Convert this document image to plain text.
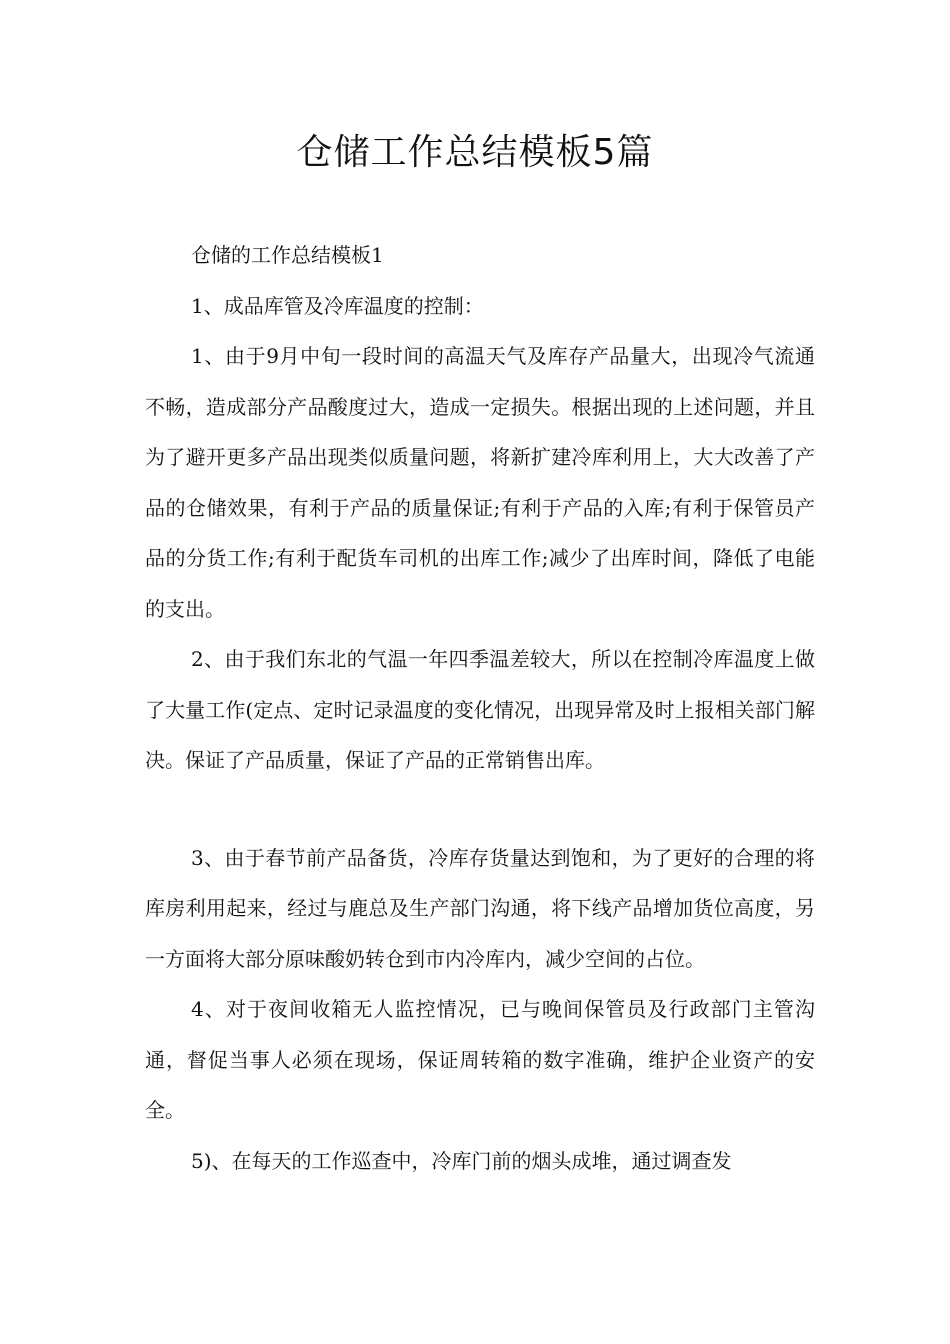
仓储工作总结模板5篇

仓储的工作总结模板1

1、成品库管及冷库温度的控制：

1、由于9月中旬一段时间的高温天气及库存产品量大，出现冷气流通不畅，造成部分产品酸度过大，造成一定损失。根据出现的上述问题，并且为了避开更多产品出现类似质量问题，将新扩建冷库利用上，大大改善了产品的仓储效果，有利于产品的质量保证;有利于产品的入库;有利于保管员产品的分货工作;有利于配货车司机的出库工作;减少了出库时间，降低了电能的支出。

2、由于我们东北的气温一年四季温差较大，所以在控制冷库温度上做了大量工作(定点、定时记录温度的变化情况，出现异常及时上报相关部门解决。保证了产品质量，保证了产品的正常销售出库。

3、由于春节前产品备货，冷库存货量达到饱和，为了更好的合理的将库房利用起来，经过与鹿总及生产部门沟通，将下线产品增加货位高度，另一方面将大部分原味酸奶转仓到市内冷库内，减少空间的占位。

4、对于夜间收箱无人监控情况，已与晚间保管员及行政部门主管沟通，督促当事人必须在现场，保证周转箱的数字准确，维护企业资产的安全。

5)、在每天的工作巡查中，冷库门前的烟头成堆，通过调查发
